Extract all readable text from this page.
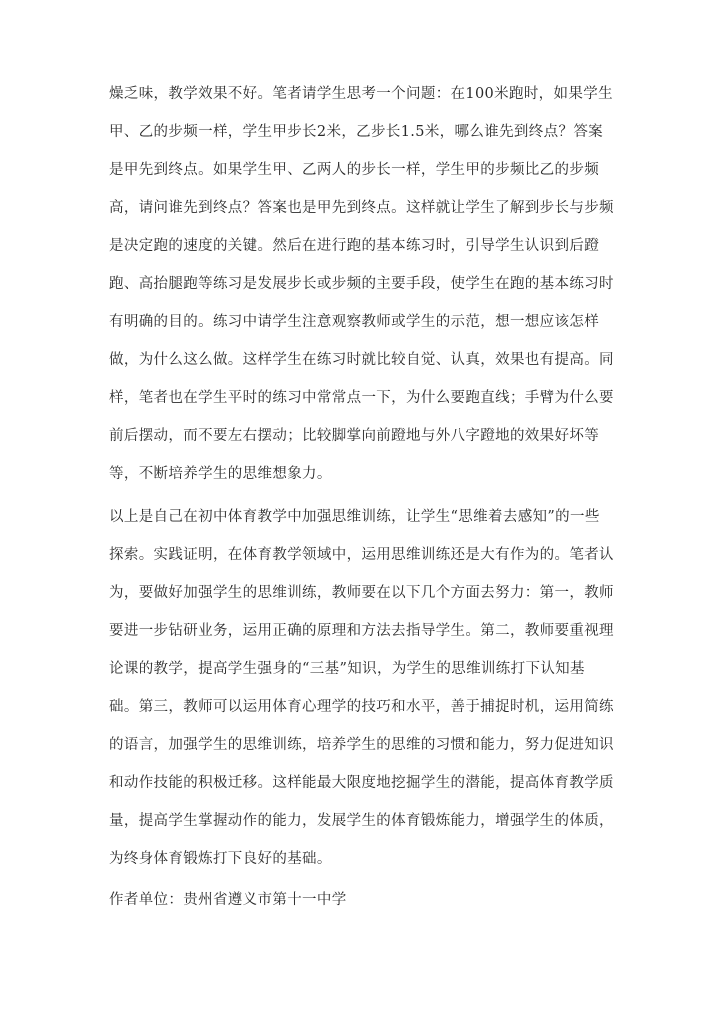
燥乏味，教学效果不好。笔者请学生思考一个问题：在100米跑时，如果学生
甲、乙的步频一样，学生甲步长2米，乙步长1.5米，哪么谁先到终点？答案
是甲先到终点。如果学生甲、乙两人的步长一样，学生甲的步频比乙的步频
高，请问谁先到终点？答案也是甲先到终点。这样就让学生了解到步长与步频
是决定跑的速度的关键。然后在进行跑的基本练习时，引导学生认识到后蹬
跑、高抬腿跑等练习是发展步长或步频的主要手段，使学生在跑的基本练习时
有明确的目的。练习中请学生注意观察教师或学生的示范，想一想应该怎样
做，为什么这么做。这样学生在练习时就比较自觉、认真，效果也有提高。同
样，笔者也在学生平时的练习中常常点一下，为什么要跑直线；手臂为什么要
前后摆动，而不要左右摆动；比较脚掌向前蹬地与外八字蹬地的效果好坏等
等，不断培养学生的思维想象力。
以上是自己在初中体育教学中加强思维训练，让学生“思维着去感知”的一些
探索。实践证明，在体育教学领域中，运用思维训练还是大有作为的。笔者认
为，要做好加强学生的思维训练，教师要在以下几个方面去努力：第一，教师
要进一步钻研业务，运用正确的原理和方法去指导学生。第二，教师要重视理
论课的教学，提高学生强身的“三基”知识，为学生的思维训练打下认知基
础。第三，教师可以运用体育心理学的技巧和水平，善于捕捉时机，运用简练
的语言，加强学生的思维训练，培养学生的思维的习惯和能力，努力促进知识
和动作技能的积极迁移。这样能最大限度地挖掘学生的潜能，提高体育教学质
量，提高学生掌握动作的能力，发展学生的体育锻炼能力，增强学生的体质，
为终身体育锻炼打下良好的基础。
作者单位：贵州省遵义市第十一中学
